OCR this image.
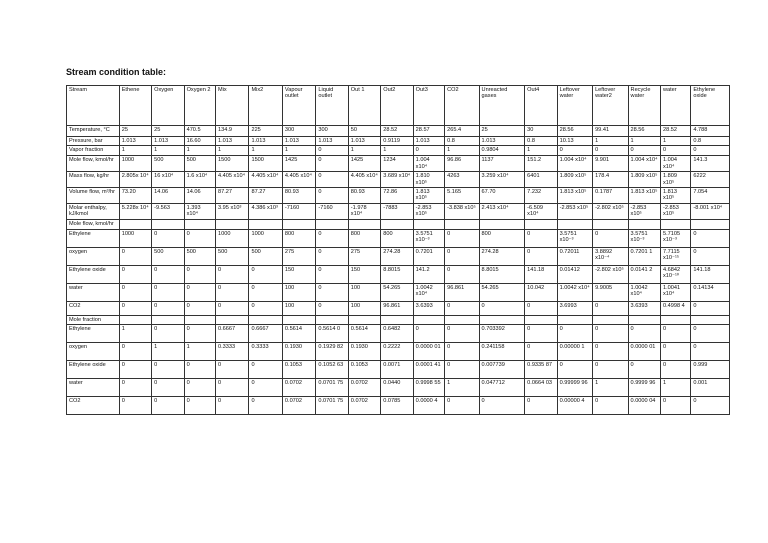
Stream condition table:
Stream	Ethene	Oxygen	Oxygen 2	Mix	Mix2	Vapour outlet	Liquid outlet	Out 1	Out2	Out3	CO2	Unreacted gases	Out4	Leftover water	Leftover water2	Recycle water	water	Ethylene oxide
Temperature, °C	25	25	470.5	134.9	225	300	300	50	28.52	28.57	265.4	25	30	28.56	99.41	28.56	28.52	4.788
Pressure, bar	1.013	1.013	16.60	1.013	1.013	1.013	1.013	1.013	0.9119	1.013	0.8	1.013	0.8	10.13	1	1	1	0.8
Vapor fraction	1	1	1	1	1	1	0	1	1	0	1	0.9804	1	0	0	0	0	0
Mole flow, kmol/hr	1000	500	500	1500	1500	1425	0	1425	1234	1.004 x10⁴	96.86	1137	151.2	1.004 x10⁴	9.901	1.004 x10⁴	1.004 x10⁴	141.3
Mass flow, kg/hr	2.805x 10⁴	16 x10⁴	1.6 x10⁴	4.405 x10⁴	4.405 x10⁴	4.405 x10⁴	0	4.405 x10⁴	3.689 x10⁴	1.810 x10⁵	4263	3.259 x10⁴	6401	1.809 x10⁵	178.4	1.809 x10⁵	1.809 x10⁵	6222
Volume flow, m³/hr	73.20	14.06	14.06	87.27	87.27	80.93	0	80.93	72.86	1.813 x10⁵	5.165	67.70	7.232	1.813 x10⁵	0.1787	1.813 x10⁵	1.813 x10⁵	7.054
Molar enthalpy, kJ/kmol	5.228x 10⁴	-9.563	1.393 x10⁴	3.95 x10³	4.386 x10³	-7160	-7160	-1.978 x10⁴	-7883	-2.853 x10⁵	-3.838 x10⁵	2.413 x10⁴	-6.509 x10⁴	-2.853 x10⁵	-2.802 x10⁵	-2.853 x10⁵	-2.853 x10⁵	-8.001 x10⁴
Mole flow, kmol/hr																		
Ethylene	1000	0	0	1000	1000	800	0	800	800	3.5751 x10⁻³	0	800	0	3.5751 x10⁻³	0	3.5751 x10⁻³	5.7105 x10⁻³	0
oxygen	0	500	500	500	500	275	0	275	274.28	0.7201	0	274.28	0	0.72011	3.8892 x10⁻⁴	0.7201 1	7.7115 x10⁻¹⁵	0
Ethylene oxide	0	0	0	0	0	150	0	150	8.8015	141.2	0	8.8015	141.18	0.01412	-2.802 x10⁵	0.0141 2	4.6842 x10⁻¹⁰	141.18
water	0	0	0	0	0	100	0	100	54.265	1.0042 x10⁴	96.861	54.265	10.042	1.0042 x10⁴	9.9005	1.0042 x10⁴	1.0041 x10⁴	0.14134
CO2	0	0	0	0	0	100	0	100	96.861	3.6393	0	0	0	3.6993	0	3.6393	0.4998 4	0
Mole fraction																		
Ethylene	1	0	0	0.6667	0.6667	0.5614	0.5614 0	0.5614	0.6482	0	0	0.703392	0	0	0	0	0	0
oxygen	0	1	1	0.3333	0.3333	0.1930	0.1929 82	0.1930	0.2222	0.0000 01	0	0.241158	0	0.00000 1	0	0.0000 01	0	0
Ethylene oxide	0	0	0	0	0	0.1053	0.1052 63	0.1053	0.0071	0.0001 41	0	0.007739	0.9335 87	0	0	0	0	0.999
water	0	0	0	0	0	0.0702	0.0701 75	0.0702	0.0440	0.9998 55	1	0.047712	0.0664 03	0.99999 96	1	0.9999 96	1	0.001
CO2	0	0	0	0	0	0.0702	0.0701 75	0.0702	0.0785	0.0000 4	0	0	0	0.00000 4	0	0.0000 04	0	0
